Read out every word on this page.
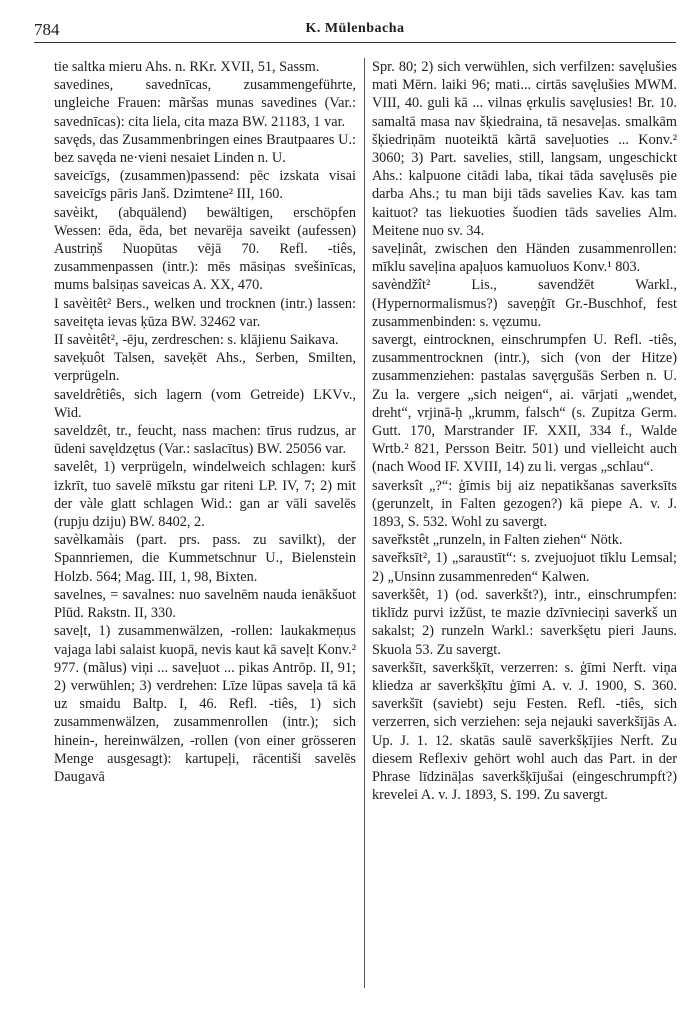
784	K. Mülenbacha

tie saltka mieru Ahs. n. RKr. XVII, 51, Sassm.

savedines, savednīcas, zusammengeführte, ungleiche Frauen: mãršas munas savedines (Var.: savednīcas): cita liela, cita maza BW. 21183, 1 var.

savęds, das Zusammenbringen eines Brautpaares U.: bez savęda ne·vieni nesaiet Linden n. U.

saveicīgs, (zusammen)passend: pēc izskata visai saveicīgs pāris Janš. Dzimtene² III, 160.

savèikt, (abquälend) bewältigen, erschöpfen Wessen: ēda, ēda, bet nevarēja saveikt (aufessen) Austriņš Nuopūtas vējā 70. Refl. -tiês, zusammenpassen (intr.): mēs māsiņas svešinīcas, mums balsiņas saveicas A. XX, 470.

I savèitêt² Bers., welken und trocknen (intr.) lassen: saveitęta ievas ķūza BW. 32462 var.

II savèitêt², -ēju, zerdreschen: s. klājienu Saikava.

saveķuôt Talsen, saveķēt Ahs., Serben, Smilten, verprügeln.

saveldrêtiês, sich lagern (vom Getreide) LKVv., Wid.

saveldzêt, tr., feucht, nass machen: tīrus rudzus, ar ūdeni savęldzętus (Var.: saslacītus) BW. 25056 var.

savelêt, 1) verprügeln, windelweich schlagen: kurš izkrīt, tuo savelē mīkstu gar riteni LP. IV, 7; 2) mit der vàle glatt schlagen Wid.: gan ar vāli savelēs (rupju dziju) BW. 8402, 2.

savèlkamàis (part. prs. pass. zu savilkt), der Spannriemen, die Kummetschnur U., Bielenstein Holzb. 564; Mag. III, 1, 98, Bixten.

savelnes, = savalnes: nuo savelnēm nauda ienākšuot Plūd. Rakstn. II, 330.

saveļt, 1) zusammenwälzen, -rollen: laukakmeņus vajaga labi salaist kuopā, nevis kaut kā saveļt Konv.² 977. (mãlus) viņi ... saveļuot ... pikas Antrōp. II, 91; 2) verwühlen; 3) verdrehen: Līze lūpas saveļa tā kā uz smaidu Baltp. I, 46. Refl. -tiês, 1) sich zusammenwälzen, zusammenrollen (intr.); sich hinein-, hereinwälzen, -rollen (von einer grösseren Menge ausgesagt): kartupeļi, rācentiši savelēs Daugavā

Spr. 80; 2) sich verwühlen, sich verfilzen: savęlušies mati Mērn. laiki 96; mati... cirtās savęlušies MWM. VIII, 40. guli kā ... vilnas ęrkulis savęlusies! Br. 10. samaltā masa nav šķiedraina, tā nesaveļas. smalkām šķiedriņām nuoteiktā kãrtā saveļuoties ... Konv.² 3060; 3) Part. savelies, still, langsam, ungeschickt Ahs.: kalpuone citādi laba, tikai tāda savęlusēs pie darba Ahs.; tu man biji tāds savelies Kav. kas tam kaituot? tas liekuoties šuodien tāds savelies Alm. Meitene nuo sv. 34.

saveļinât, zwischen den Händen zusammenrollen: mīklu saveļina apaļuos kamuoluos Konv.¹ 803.

savèndžît² Lis., savendžēt Warkl., (Hypernormalismus?) saveņģīt Gr.-Buschhof, fest zusammenbinden: s. vęzumu.

savergt, eintrocknen, einschrumpfen U. Refl. -tiês, zusammentrocknen (intr.), sich (von der Hitze) zusammenziehen: pastalas savęrgušās Serben n. U. Zu la. vergere „sich neigen“, ai. vārjati „wendet, dreht“, vrjinā-ḥ „krumm, falsch“ (s. Zupitza Germ. Gutt. 170, Marstrander IF. XXII, 334 f., Walde Wrtb.² 821, Persson Beitr. 501) und vielleicht auch (nach Wood IF. XVIII, 14) zu li. vergas „schlau“.

saverksît „?“: ģīmis bij aiz nepatikšanas saverksīts (gerunzelt, in Falten gezogen?) kā piepe A. v. J. 1893, S. 532. Wohl zu savergt.

saveřkstêt „runzeln, in Falten ziehen“ Nötk.

saveřksīt², 1) „saraustīt“: s. zvejuojuot tīklu Lemsal; 2) „Unsinn zusammenreden“ Kalwen.

saverkšêt, 1) (od. saverkšt?), intr., einschrumpfen: tiklīdz purvi izžūst, te mazie dzīvnieciņi saverkš un sakalst; 2) runzeln Warkl.: saverkšętu pieri Jauns. Skuola 53. Zu savergt.

saverkšīt, saverkšķīt, verzerren: s. ģīmi Nerft. viņa kliedza ar saverkšķītu ģīmi A. v. J. 1900, S. 360. saverkšīt (saviebt) seju Festen. Refl. -tiês, sich verzerren, sich verziehen: seja nejauki saverkšījās A. Up. J. 1. 12. skatās saulē saverkšķījies Nerft. Zu diesem Reflexiv gehört wohl auch das Part. in der Phrase līdzināļas saverkšķījušai (eingeschrumpft?) krevelei A. v. J. 1893, S. 199. Zu savergt.
